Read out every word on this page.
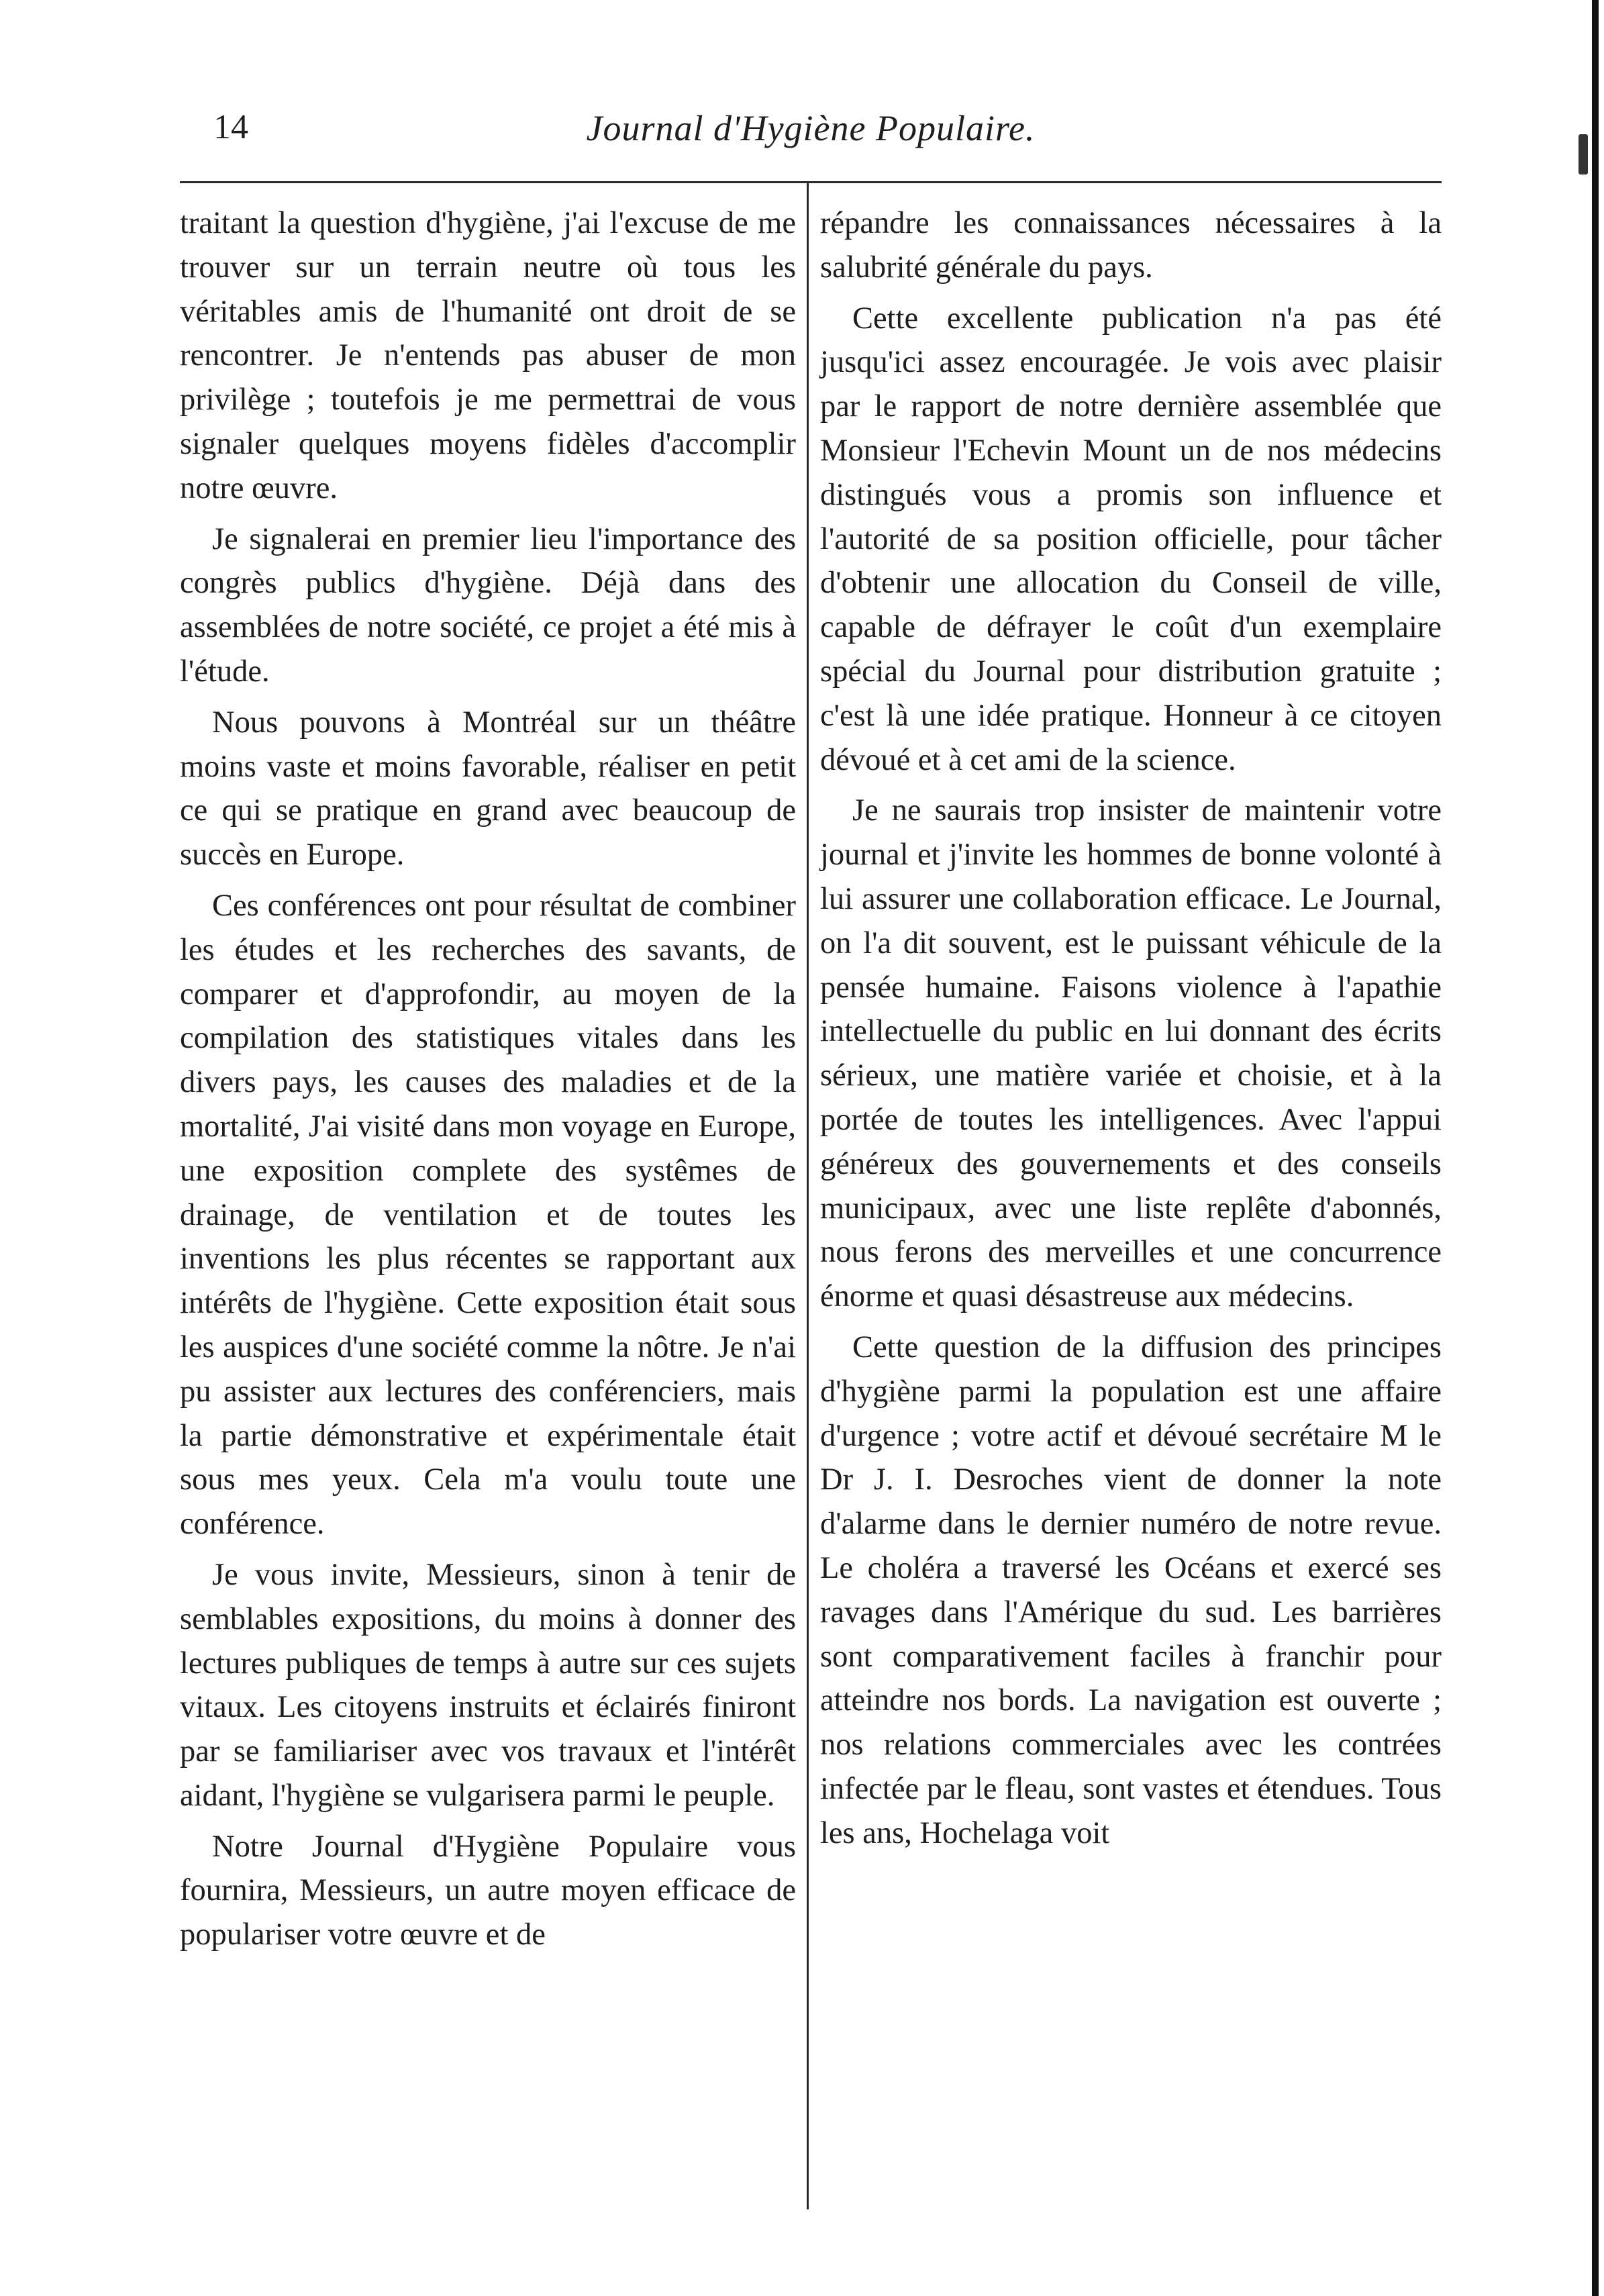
14	Journal d'Hygiène Populaire.

traitant la question d'hygiène, j'ai l'excuse de me trouver sur un terrain neutre où tous les véritables amis de l'humanité ont droit de se rencontrer. Je n'entends pas abuser de mon privilège ; toutefois je me permettrai de vous signaler quelques moyens fidèles d'accomplir notre œuvre.

Je signalerai en premier lieu l'importance des congrès publics d'hygiène. Déjà dans des assemblées de notre société, ce projet a été mis à l'étude.

Nous pouvons à Montréal sur un théâtre moins vaste et moins favorable, réaliser en petit ce qui se pratique en grand avec beaucoup de succès en Europe.

Ces conférences ont pour résultat de combiner les études et les recherches des savants, de comparer et d'approfondir, au moyen de la compilation des statistiques vitales dans les divers pays, les causes des maladies et de la mortalité, J'ai visité dans mon voyage en Europe, une exposition complete des systêmes de drainage, de ventilation et de toutes les inventions les plus récentes se rapportant aux intérêts de l'hygiène. Cette exposition était sous les auspices d'une société comme la nôtre. Je n'ai pu assister aux lectures des conférenciers, mais la partie démonstrative et expérimentale était sous mes yeux. Cela m'a voulu toute une conférence.

Je vous invite, Messieurs, sinon à tenir de semblables expositions, du moins à donner des lectures publiques de temps à autre sur ces sujets vitaux. Les citoyens instruits et éclairés finiront par se familiariser avec vos travaux et l'intérêt aidant, l'hygiène se vulgarisera parmi le peuple.

Notre Journal d'Hygiène Populaire vous fournira, Messieurs, un autre moyen efficace de populariser votre œuvre et de

répandre les connaissances nécessaires à la salubrité générale du pays.

Cette excellente publication n'a pas été jusqu'ici assez encouragée. Je vois avec plaisir par le rapport de notre dernière assemblée que Monsieur l'Echevin Mount un de nos médecins distingués vous a promis son influence et l'autorité de sa position officielle, pour tâcher d'obtenir une allocation du Conseil de ville, capable de défrayer le coût d'un exemplaire spécial du Journal pour distribution gratuite ; c'est là une idée pratique. Honneur à ce citoyen dévoué et à cet ami de la science.

Je ne saurais trop insister de maintenir votre journal et j'invite les hommes de bonne volonté à lui assurer une collaboration efficace. Le Journal, on l'a dit souvent, est le puissant véhicule de la pensée humaine. Faisons violence à l'apathie intellectuelle du public en lui donnant des écrits sérieux, une matière variée et choisie, et à la portée de toutes les intelligences. Avec l'appui généreux des gouvernements et des conseils municipaux, avec une liste replête d'abonnés, nous ferons des merveilles et une concurrence énorme et quasi désastreuse aux médecins.

Cette question de la diffusion des principes d'hygiène parmi la population est une affaire d'urgence ; votre actif et dévoué secrétaire M le Dr J. I. Desroches vient de donner la note d'alarme dans le dernier numéro de notre revue. Le choléra a traversé les Océans et exercé ses ravages dans l'Amérique du sud. Les barrières sont comparativement faciles à franchir pour atteindre nos bords. La navigation est ouverte ; nos relations commerciales avec les contrées infectée par le fleau, sont vastes et étendues. Tous les ans, Hochelaga voit
